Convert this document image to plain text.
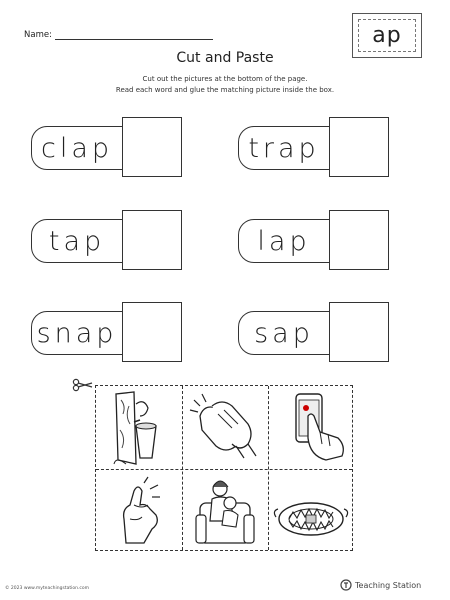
Name:	ap
Cut and Paste
Cut out the pictures at the bottom of the page.
Read each word and glue the matching picture inside the box.
clap	trap
tap	lap
snap	sap
© 2023 www.myteachingstation.com	Teaching Station
